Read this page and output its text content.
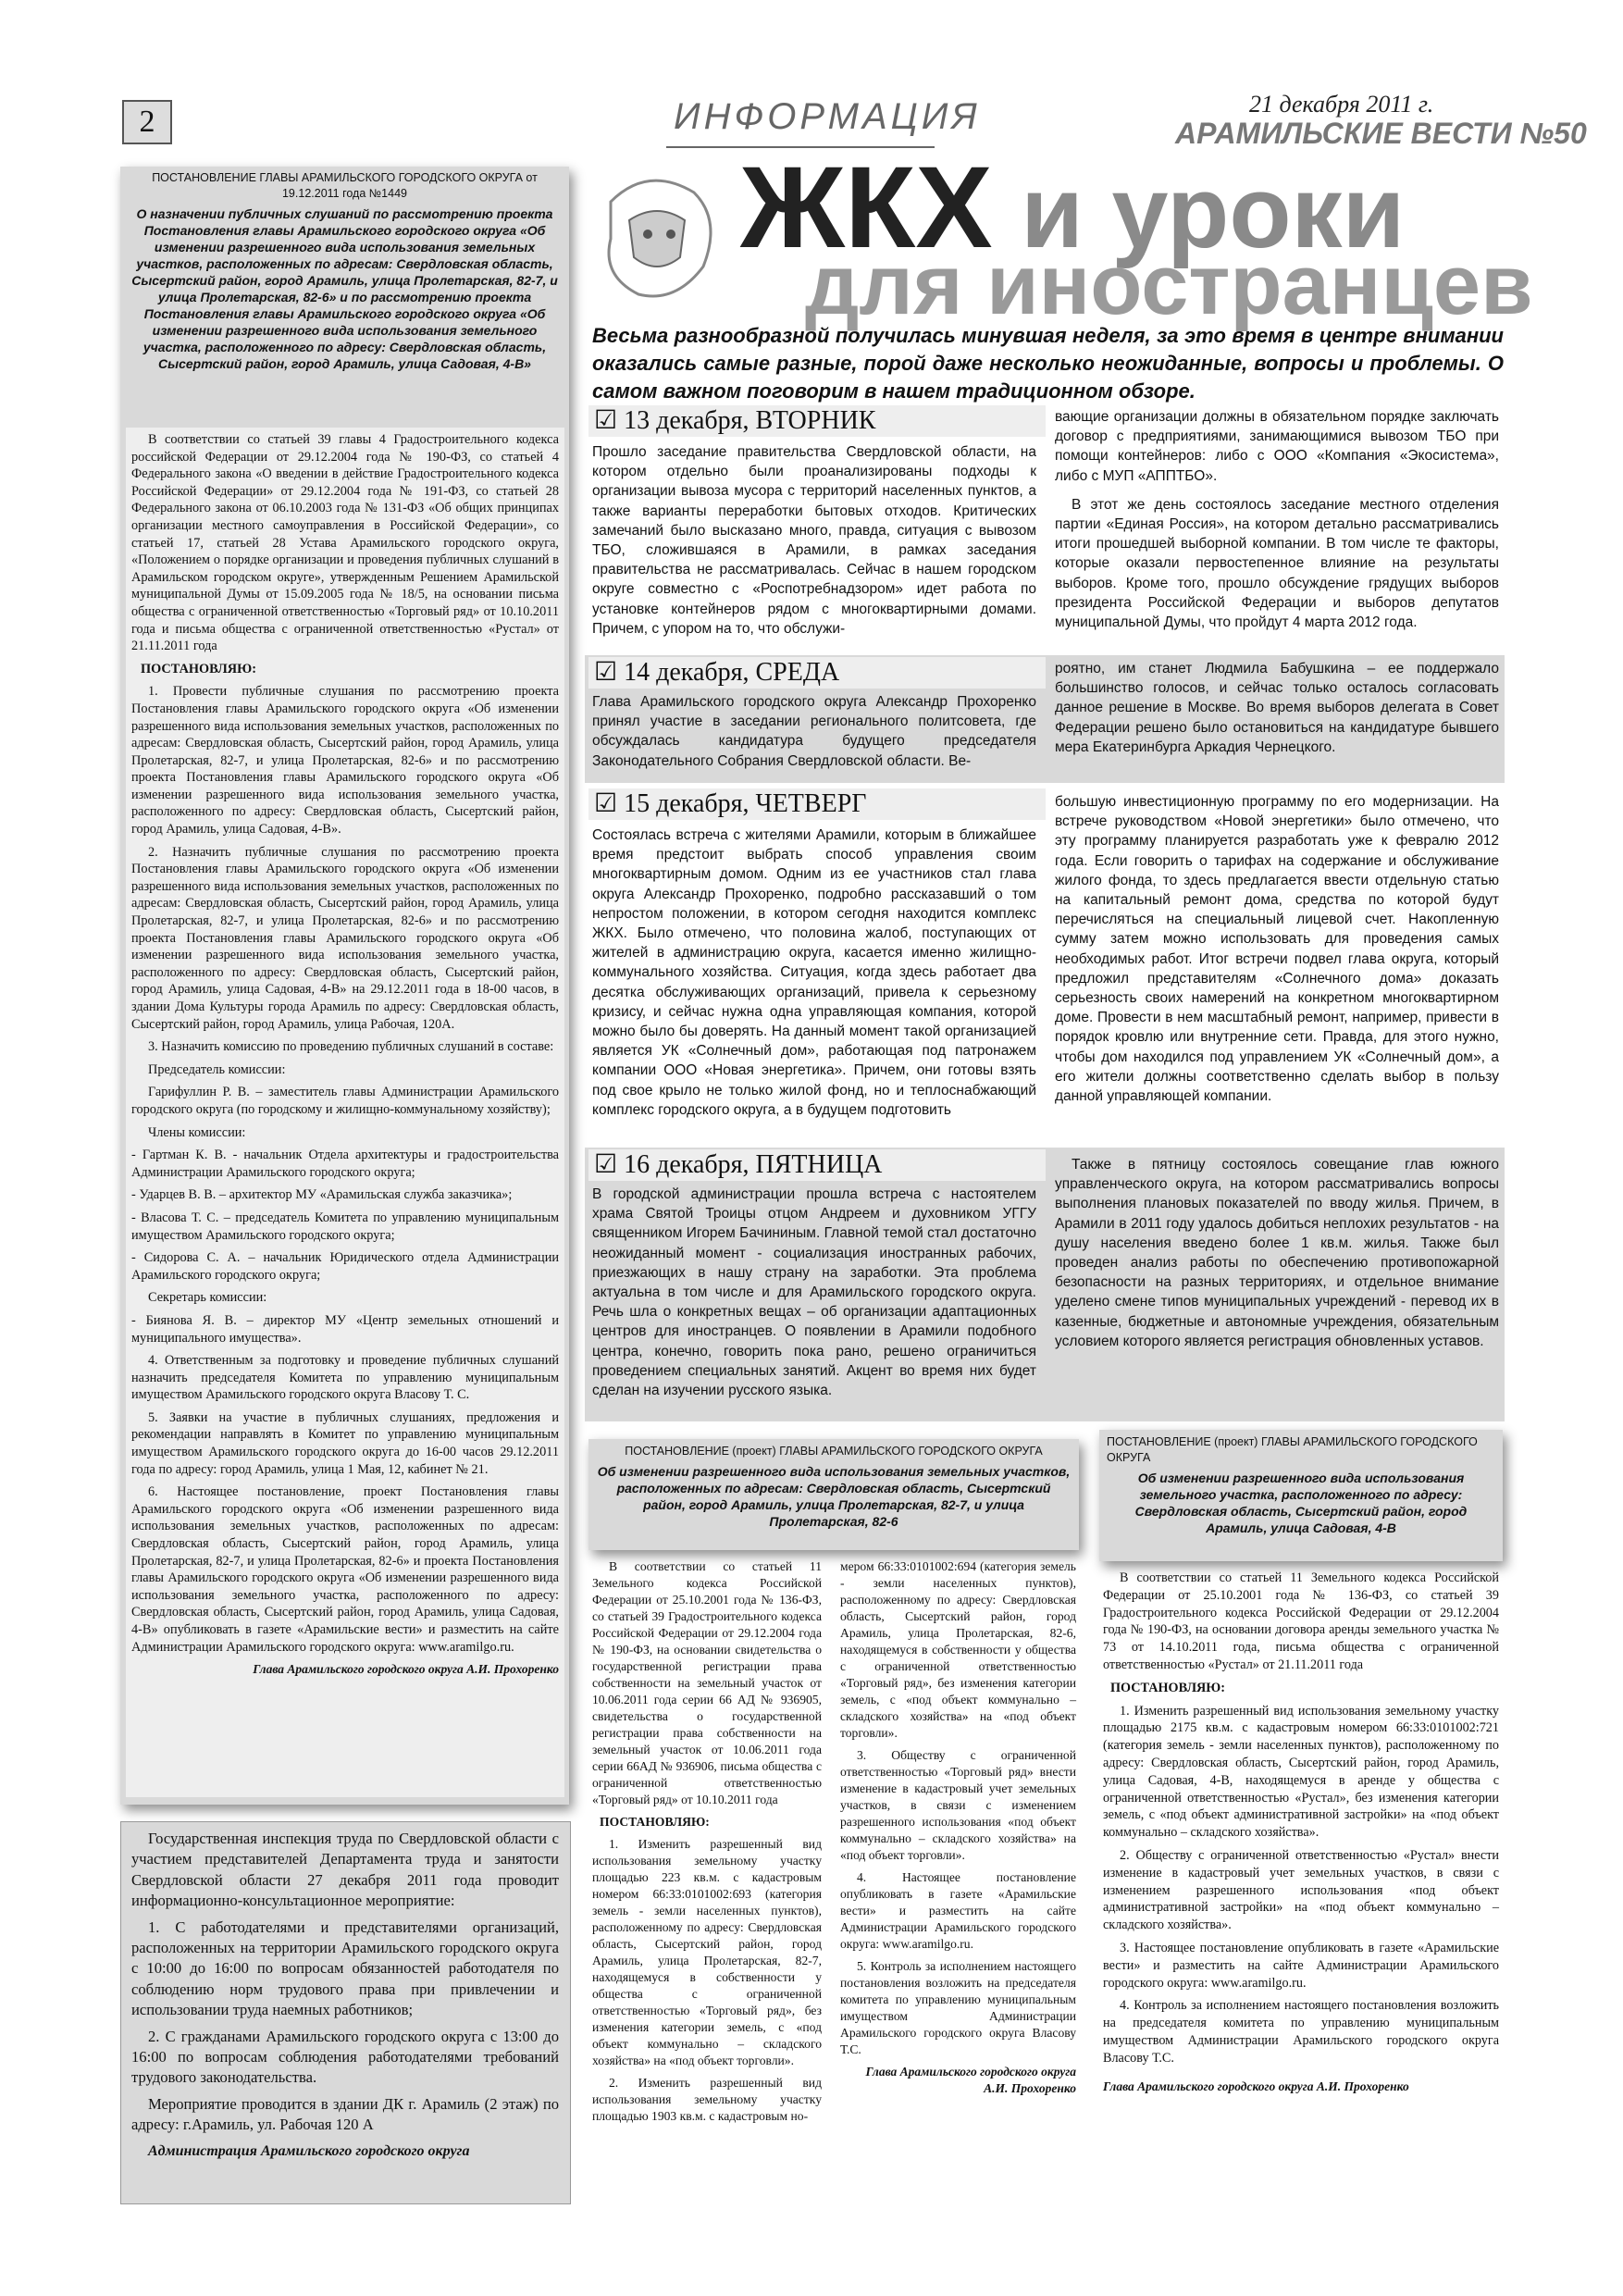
2	ИНФОРМАЦИЯ	21 декабря 2011 г.
АРАМИЛЬСКИЕ ВЕСТИ №50
ЖКХ и уроки
для иностранцев
Весьма разнообразной получилась минувшая неделя, за это время в центре внимании оказались самые разные, порой даже несколько неожиданные, вопросы и проблемы. О самом важном поговорим в нашем традиционном обзоре.
ПОСТАНОВЛЕНИЕ ГЛАВЫ АРАМИЛЬСКОГО ГОРОДСКОГО ОКРУГА от 19.12.2011 года №1449
О назначении публичных слушаний по рассмотрению проекта Постановления главы Арамильского городского округа «Об изменении разрешенного вида использования земельных участков, расположенных по адресам: Свердловская область, Сысертский район, город Арамиль, улица Пролетарская, 82-7, и улица Пролетарская, 82-6» и по рассмотрению проекта Постановления главы Арамильского городского округа «Об изменении разрешенного вида использования земельного участка, расположенного по адресу: Свердловская область, Сысертский район, город Арамиль, улица Садовая, 4-В»

В соответствии со статьей 39 главы 4 Градостроительного кодекса российской Федерации от 29.12.2004 года № 190-ФЗ, со статьей 4 Федерального закона «О введении в действие Градостроительного кодекса Российской Федерации» от 29.12.2004 года № 191-ФЗ, со статьей 28 Федерального закона от 06.10.2003 года № 131-ФЗ «Об общих принципах организации местного самоуправления в Российской Федерации», со статьей 17, статьей 28 Устава Арамильского городского округа, «Положением о порядке организации и проведения публичных слушаний в Арамильском городском округе», утвержденным Решением Арамильской муниципальной Думы от 15.09.2005 года № 18/5, на основании письма общества с ограниченной ответственностью «Торговый ряд» от 10.10.2011 года и письма общества с ограниченной ответственностью «Рустал» от 21.11.2011 года

ПОСТАНОВЛЯЮ:

1. Провести публичные слушания по рассмотрению проекта Постановления главы Арамильского городского округа «Об изменении разрешенного вида использования земельных участков, расположенных по адресам: Свердловская область, Сысертский район, город Арамиль, улица Пролетарская, 82-7, и улица Пролетарская, 82-6» и по рассмотрению проекта Постановления главы Арамильского городского округа «Об изменении разрешенного вида использования земельного участка, расположенного по адресу: Свердловская область, Сысертский район, город Арамиль, улица Садовая, 4-В».

2. Назначить публичные слушания по рассмотрению проекта Постановления главы Арамильского городского округа «Об изменении разрешенного вида использования земельных участков, расположенных по адресам: Свердловская область, Сысертский район, город Арамиль, улица Пролетарская, 82-7, и улица Пролетарская, 82-6» и по рассмотрению проекта Постановления главы Арамильского городского округа «Об изменении разрешенного вида использования земельного участка, расположенного по адресу: Свердловская область, Сысертский район, город Арамиль, улица Садовая, 4-В» на 29.12.2011 года в 18-00 часов, в здании Дома Культуры города Арамиль по адресу: Свердловская область, Сысертский район, город Арамиль, улица Рабочая, 120А.

3. Назначить комиссию по проведению публичных слушаний в составе:

Председатель комиссии:

Гарифуллин Р. В. – заместитель главы Администрации Арамильского городского округа (по городскому и жилищно-коммунальному хозяйству);

Члены комиссии:

- Гартман К. В. - начальник Отдела архитектуры и градостроительства Администрации Арамильского городского округа;

- Ударцев В. В. – архитектор МУ «Арамильская служба заказчика»;

- Власова Т. С. – председатель Комитета по управлению муниципальным имуществом Арамильского городского округа;

- Сидорова С. А. – начальник Юридического отдела Администрации Арамильского городского округа;

Секретарь комиссии:

- Биянова Я. В. – директор МУ «Центр земельных отношений и муниципального имущества».

4. Ответственным за подготовку и проведение публичных слушаний назначить председателя Комитета по управлению муниципальным имуществом Арамильского городского округа Власову Т. С.

5. Заявки на участие в публичных слушаниях, предложения и рекомендации направлять в Комитет по управлению муниципальным имуществом Арамильского городского округа до 16-00 часов 29.12.2011 года по адресу: город Арамиль, улица 1 Мая, 12, кабинет № 21.

6. Настоящее постановление, проект Постановления главы Арамильского городского округа «Об изменении разрешенного вида использования земельных участков, расположенных по адресам: Свердловская область, Сысертский район, город Арамиль, улица Пролетарская, 82-7, и улица Пролетарская, 82-6» и проекта Постановления главы Арамильского городского округа «Об изменении разрешенного вида использования земельного участка, расположенного по адресу: Свердловская область, Сысертский район, город Арамиль, улица Садовая, 4-В» опубликовать в газете «Арамильские вести» и разместить на сайте Администрации Арамильского городского округа: www.aramilgo.ru.

Глава Арамильского городского округа А.И. Прохоренко

Государственная инспекция труда по Свердловской области с участием представителей Департамента труда и занятости Свердловской области 27 декабря 2011 года проводит информационно-консультационное мероприятие:

1. С работодателями и представителями организаций, расположенных на территории Арамильского городского округа с 10:00 до 16:00 по вопросам обязанностей работодателя по соблюдению норм трудового права при привлечении и использовании труда наемных работников;

2. С гражданами Арамильского городского округа с 13:00 до 16:00 по вопросам соблюдения работодателями требований трудового законодательства.

Мероприятие проводится в здании ДК г. Арамиль (2 этаж) по адресу: г.Арамиль, ул. Рабочая 120 А

Администрация Арамильского городского округа

☑ 13 декабря, ВТОРНИК
Прошло заседание правительства Свердловской области, на котором отдельно были проанализированы подходы к организации вывоза мусора с территорий населенных пунктов, а также варианты переработки бытовых отходов. Критических замечаний было высказано много, правда, ситуация с вывозом ТБО, сложившаяся в Арамили, в рамках заседания правительства не рассматривалась. Сейчас в нашем городском округе совместно с «Роспотребнадзором» идет работа по установке контейнеров рядом с многоквартирными домами. Причем, с упором на то, что обслужи-

вающие организации должны в обязательном порядке заключать договор с предприятиями, занимающимися вывозом ТБО при помощи контейнеров: либо с ООО «Компания «Экосистема», либо с МУП «АППТБО».

В этот же день состоялось заседание местного отделения партии «Единая Россия», на котором детально рассматривались итоги прошедшей выборной компании. В том числе те факторы, которые оказали первостепенное влияние на результаты выборов. Кроме того, прошло обсуждение грядущих выборов президента Российской Федерации и выборов депутатов муниципальной Думы, что пройдут 4 марта 2012 года.

☑ 14 декабря, СРЕДА
Глава Арамильского городского округа Александр Прохоренко принял участие в заседании регионального политсовета, где обсуждалась кандидатура будущего председателя Законодательного Собрания Свердловской области. Ве-
роятно, им станет Людмила Бабушкина – ее поддержало большинство голосов, и сейчас только осталось согласовать данное решение в Москве. Во время выборов делегата в Совет Федерации решено было остановиться на кандидатуре бывшего мера Екатеринбурга Аркадия Чернецкого.
☑ 15 декабря, ЧЕТВЕРГ
Состоялась встреча с жителями Арамили, которым в ближайшее время предстоит выбрать способ управления своим многоквартирным домом. Одним из ее участников стал глава округа Александр Прохоренко, подробно рассказавший о том непростом положении, в котором сегодня находится комплекс ЖКХ. Было отмечено, что половина жалоб, поступающих от жителей в администрацию округа, касается именно жилищно-коммунального хозяйства. Ситуация, когда здесь работает два десятка обслуживающих организаций, привела к серьезному кризису, и сейчас нужна одна управляющая компания, которой можно было бы доверять. На данный момент такой организацией является УК «Солнечный дом», работающая под патронажем компании ООО «Новая энергетика». Причем, они готовы взять под свое крыло не только жилой фонд, но и теплоснабжающий комплекс городского округа, а в будущем подготовить
большую инвестиционную программу по его модернизации. На встрече руководством «Новой энергетики» было отмечено, что эту программу планируется разработать уже к февралю 2012 года. Если говорить о тарифах на содержание и обслуживание жилого фонда, то здесь предлагается ввести отдельную статью на капитальный ремонт дома, средства по которой будут перечисляться на специальный лицевой счет. Накопленную сумму затем можно использовать для проведения самых необходимых работ. Итог встречи подвел глава округа, который предложил представителям «Солнечного дома» доказать серьезность своих намерений на конкретном многоквартирном доме. Провести в нем масштабный ремонт, например, привести в порядок кровлю или внутренние сети. Правда, для этого нужно, чтобы дом находился под управлением УК «Солнечный дом», а его жители должны соответственно сделать выбор в пользу данной управляющей компании.
☑ 16 декабря, ПЯТНИЦА
В городской администрации прошла встреча с настоятелем храма Святой Троицы отцом Андреем и духовником УГГУ священником Игорем Бачининым. Главной темой стал достаточно неожиданный момент - социализация иностранных рабочих, приезжающих в нашу страну на заработки. Эта проблема актуальна в том числе и для Арамильского городского округа. Речь шла о конкретных вещах – об организации адаптационных центров для иностранцев. О появлении в Арамили подобного центра, конечно, говорить пока рано, решено ограничиться проведением специальных занятий. Акцент во время них будет сделан на изучении русского языка.
Также в пятницу состоялось совещание глав южного управленческого округа, на котором рассматривались вопросы выполнения плановых показателей по вводу жилья. Причем, в Арамили в 2011 году удалось добиться неплохих результатов - на душу населения введено более 1 кв.м. жилья. Также был проведен анализ работы по обеспечению противопожарной безопасности на разных территориях, и отдельное внимание уделено смене типов муниципальных учреждений - перевод их в казенные, бюджетные и автономные учреждения, обязательным условием которого является регистрация обновленных уставов.
ПОСТАНОВЛЕНИЕ (проект) ГЛАВЫ АРАМИЛЬСКОГО ГОРОДСКОГО ОКРУГА
Об изменении разрешенного вида использования земельных участков, расположенных по адресам: Свердловская область, Сысертский район, город Арамиль, улица Пролетарская, 82-7, и улица Пролетарская, 82-6

В соответствии со статьей 11 Земельного кодекса Российской Федерации от 25.10.2001 года № 136-ФЗ, со статьей 39 Градостроительного кодекса Российской Федерации от 29.12.2004 года № 190-ФЗ, на основании свидетельства о государственной регистрации права собственности на земельный участок от 10.06.2011 года серии 66 АД № 936905, свидетельства о государственной регистрации права собственности на земельный участок от 10.06.2011 года серии 66АД № 936906, письма общества с ограниченной ответственностью «Торговый ряд» от 10.10.2011 года

ПОСТАНОВЛЯЮ:

1. Изменить разрешенный вид использования земельному участку площадью 223 кв.м. с кадастровым номером 66:33:0101002:693 (категория земель - земли населенных пунктов), расположенному по адресу: Свердловская область, Сысертский район, город Арамиль, улица Пролетарская, 82-7, находящемуся в собственности у общества с ограниченной ответственностью «Торговый ряд», без изменения категории земель, с «под объект коммунально – складского хозяйства» на «под объект торговли».

2. Изменить разрешенный вид использования земельному участку площадью 1903 кв.м. с кадастровым но-

мером 66:33:0101002:694 (категория земель - земли населенных пунктов), расположенному по адресу: Свердловская область, Сысертский район, город Арамиль, улица Пролетарская, 82-6, находящемуся в собственности у общества с ограниченной ответственностью «Торговый ряд», без изменения категории земель, с «под объект коммунально – складского хозяйства» на «под объект торговли».

3. Обществу с ограниченной ответственностью «Торговый ряд» внести изменение в кадастровый учет земельных участков, в связи с изменением разрешенного использования «под объект коммунально – складского хозяйства» на «под объект торговли».

4. Настоящее постановление опубликовать в газете «Арамильские вести» и разместить на сайте Администрации Арамильского городского округа: www.aramilgo.ru.

5. Контроль за исполнением настоящего постановления возложить на председателя комитета по управлению муниципальным имуществом Администрации Арамильского городского округа Власову Т.С.

Глава Арамильского городского округа А.И. Прохоренко

ПОСТАНОВЛЕНИЕ (проект) ГЛАВЫ АРАМИЛЬСКОГО ГОРОДСКОГО ОКРУГА
Об изменении разрешенного вида использования земельного участка, расположенного по адресу: Свердловская область, Сысертский район, город Арамиль, улица Садовая, 4-В

В соответствии со статьей 11 Земельного кодекса Российской Федерации от 25.10.2001 года № 136-ФЗ, со статьей 39 Градостроительного кодекса Российской Федерации от 29.12.2004 года № 190-ФЗ, на основании договора аренды земельного участка № 73 от 14.10.2011 года, письма общества с ограниченной ответственностью «Рустал» от 21.11.2011 года

ПОСТАНОВЛЯЮ:

1. Изменить разрешенный вид использования земельному участку площадью 2175 кв.м. с кадастровым номером 66:33:0101002:721 (категория земель - земли населенных пунктов), расположенному по адресу: Свердловская область, Сысертский район, город Арамиль, улица Садовая, 4-В, находящемуся в аренде у общества с ограниченной ответственностью «Рустал», без изменения категории земель, с «под объект административной застройки» на «под объект коммунально – складского хозяйства».

2. Обществу с ограниченной ответственностью «Рустал» внести изменение в кадастровый учет земельных участков, в связи с изменением разрешенного использования «под объект административной застройки» на «под объект коммунально – складского хозяйства».

3. Настоящее постановление опубликовать в газете «Арамильские вести» и разместить на сайте Администрации Арамильского городского округа: www.aramilgo.ru.

4. Контроль за исполнением настоящего постановления возложить на председателя комитета по управлению муниципальным имуществом Администрации Арамильского городского округа Власову Т.С.

Глава Арамильского городского округа А.И. Прохоренко
